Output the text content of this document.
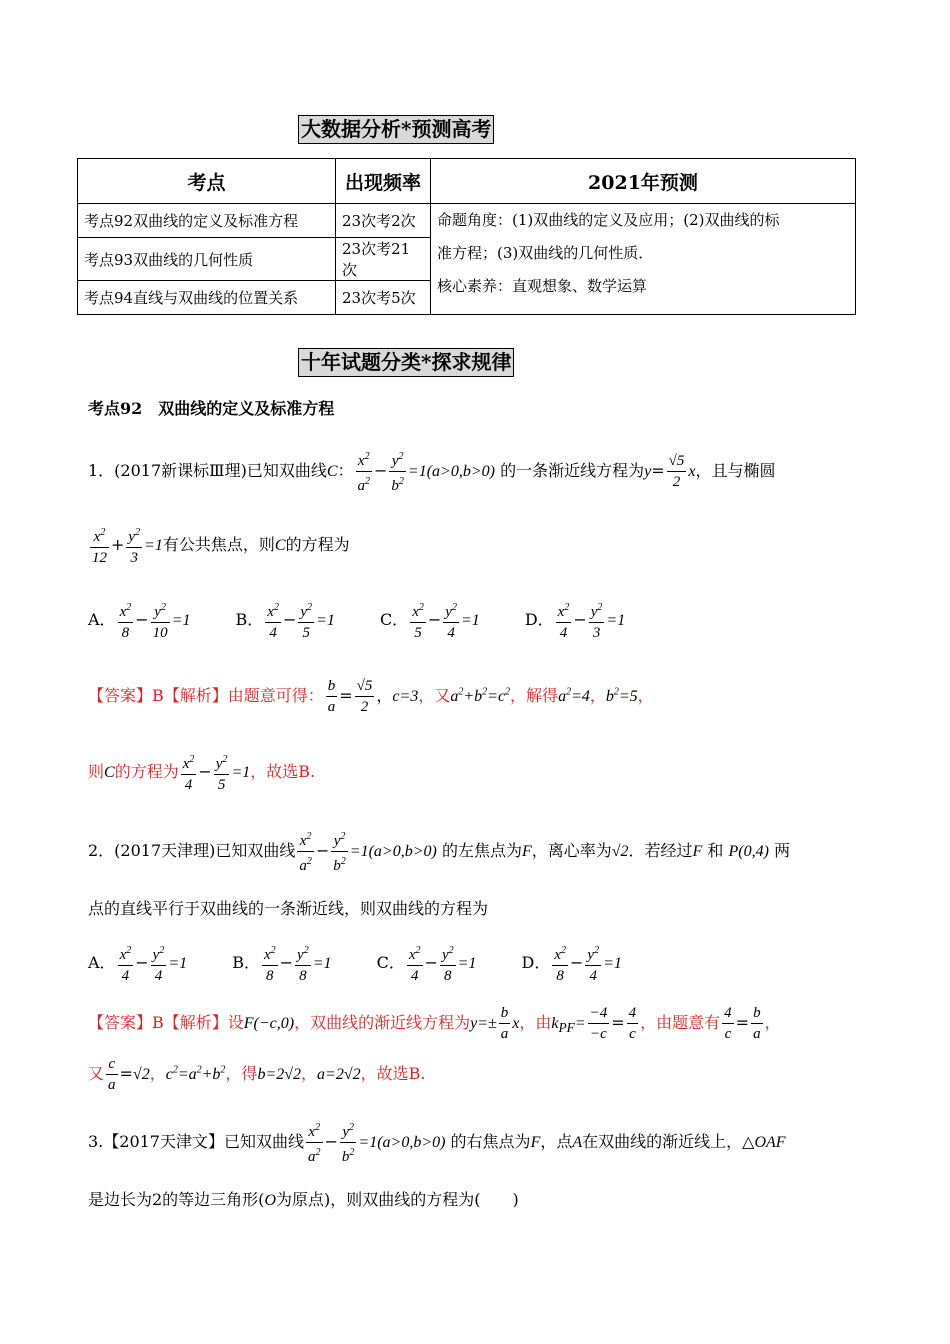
大数据分析*预测高考
考点	出现频率	2021年预测
考点92双曲线的定义及标准方程	23次考2次	命题角度：(1)双曲线的定义及应用；(2)双曲线的标
准方程；(3)双曲线的几何性质．
核心素养：直观想象、数学运算

考点93双曲线的几何性质	23次考21次	
考点94直线与双曲线的位置关系	23次考5次	
十年试题分类*探求规律
考点92　双曲线的定义及标准方程
1．(2017新课标Ⅲ理)已知双曲线C： $\frac{x^2}{a^2} - \frac{y^2}{b^2} =1(a>0,b>0)$ 的一条渐近线方程为$y= \frac{√5}{2}$ x，且与椭圆
$\frac{x^2}{12} + \frac{y^2}{3} =1$有公共焦点，则C的方程为
A． $\frac{x^2}{8} - \frac{y^2}{10} =1$	B． $\frac{x^2}{4} - \frac{y^2}{5} =1$	C． $\frac{x^2}{5} - \frac{y^2}{4} =1$	D． $\frac{x^2}{4} - \frac{y^2}{3} =1$
【答案】B【解析】由题意可得： $\frac{b}{a} = \frac{√5}{2}$ ，c=3，又$a^2+b^2=c^2$，解得$a^2=4$，$b^2=5$，
则C的方程为 $\frac{x^2}{4} - \frac{y^2}{5} =1$，故选B.
2．(2017天津理)已知双曲线 $\frac{x^2}{a^2} - \frac{y^2}{b^2} =1(a>0,b>0)$ 的左焦点为F，离心率为√2．若经过F 和 P(0,4) 两
点的直线平行于双曲线的一条渐近线，则双曲线的方程为
A． $\frac{x^2}{4} - \frac{y^2}{4} =1$	B． $\frac{x^2}{8} - \frac{y^2}{8} =1$	C． $\frac{x^2}{4} - \frac{y^2}{8} =1$	D． $\frac{x^2}{8} - \frac{y^2}{4} =1$
【答案】B【解析】设F(−c,0)，双曲线的渐近线方程为$y=\pm \frac{b}{a}$ x，由$k_{PF}= \frac{-4}{-c} = \frac{4}{c}$ ，由题意有 $\frac{4}{c} = \frac{b}{a}$ ，
又 $\frac{c}{a} =√2$，$c^2=a^2+b^2$，得b=2√2，a=2√2，故选B.
3.【2017天津文】已知双曲线 $\frac{x^2}{a^2} - \frac{y^2}{b^2} =1(a>0,b>0)$ 的右焦点为F，点A在双曲线的渐近线上，△OAF
是边长为2的等边三角形(O为原点)，则双曲线的方程为(　　)
